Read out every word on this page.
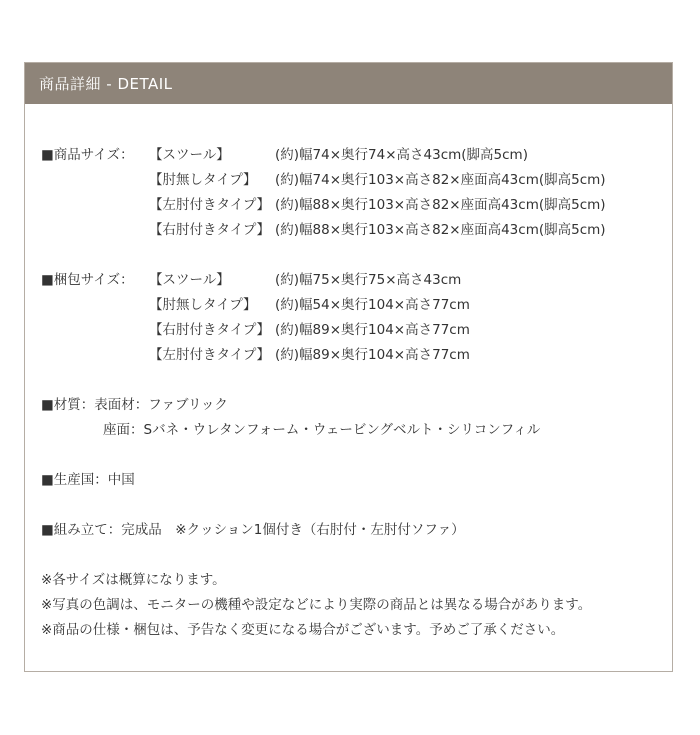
商品詳細 - DETAIL
■商品サイズ： 【スツール】	(約)幅74×奥行74×高さ43cm(脚高5cm)
【肘無しタイプ】 (約)幅74×奥行103×高さ82×座面高43cm(脚高5cm)
【左肘付きタイプ】 (約)幅88×奥行103×高さ82×座面高43cm(脚高5cm)
【右肘付きタイプ】 (約)幅88×奥行103×高さ82×座面高43cm(脚高5cm)
■梱包サイズ： 【スツール】	(約)幅75×奥行75×高さ43cm
【肘無しタイプ】 (約)幅54×奥行104×高さ77cm
【右肘付きタイプ】 (約)幅89×奥行104×高さ77cm
【左肘付きタイプ】 (約)幅89×奥行104×高さ77cm
■材質：表面材：ファブリック
座面：Sバネ・ウレタンフォーム・ウェービングベルト・シリコンフィル
■生産国：中国
■組み立て：完成品　※クッション1個付き（右肘付・左肘付ソファ）
※各サイズは概算になります。
※写真の色調は、モニターの機種や設定などにより実際の商品とは異なる場合があります。
※商品の仕様・梱包は、予告なく変更になる場合がございます。予めご了承ください。
